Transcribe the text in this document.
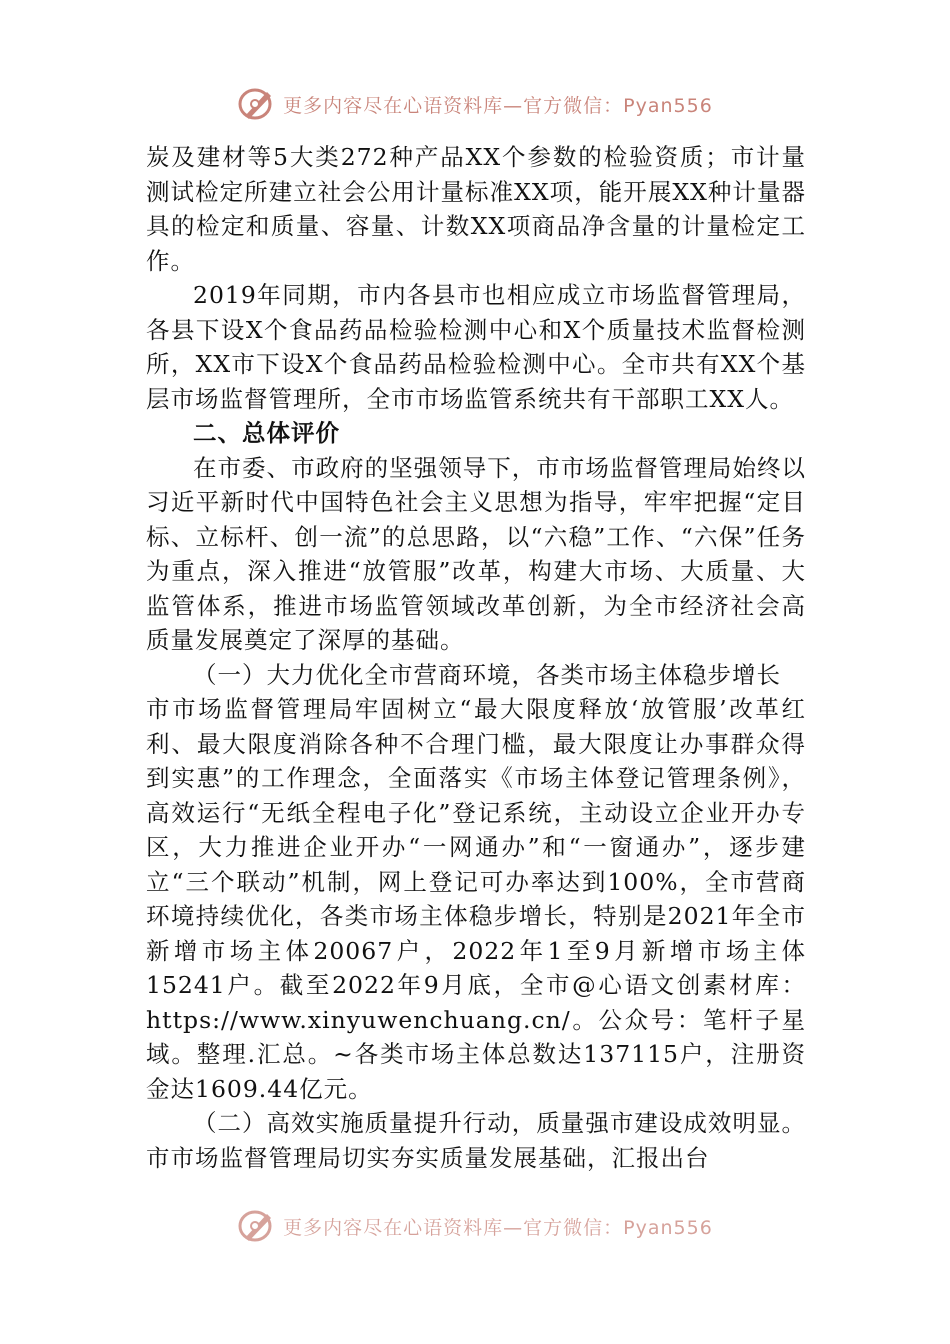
更多内容尽在心语资料库—官方微信：Pyan556

炭及建材等5大类272种产品XX个参数的检验资质；市计量测试检定所建立社会公用计量标准XX项，能开展XX种计量器具的检定和质量、容量、计数XX项商品净含量的计量检定工作。

2019年同期，市内各县市也相应成立市场监督管理局，各县下设X个食品药品检验检测中心和X个质量技术监督检测所，XX市下设X个食品药品检验检测中心。全市共有XX个基层市场监督管理所，全市市场监管系统共有干部职工XX人。

二、总体评价

在市委、市政府的坚强领导下，市市场监督管理局始终以习近平新时代中国特色社会主义思想为指导，牢牢把握“定目标、立标杆、创一流”的总思路，以“六稳”工作、“六保”任务为重点，深入推进“放管服”改革，构建大市场、大质量、大监管体系，推进市场监管领域改革创新，为全市经济社会高质量发展奠定了深厚的基础。

（一）大力优化全市营商环境，各类市场主体稳步增长

市市场监督管理局牢固树立“最大限度释放‘放管服’改革红利、最大限度消除各种不合理门槛，最大限度让办事群众得到实惠”的工作理念，全面落实《市场主体登记管理条例》，高效运行“无纸全程电子化”登记系统，主动设立企业开办专区，大力推进企业开办“一网通办”和“一窗通办”，逐步建立“三个联动”机制，网上登记可办率达到100%，全市营商环境持续优化，各类市场主体稳步增长，特别是2021年全市新增市场主体20067户，2022年1至9月新增市场主体15241户。截至2022年9月底，全市@心语文创素材库：https://www.xinyuwenchuang.cn/。公众号：笔杆子星域。整理.汇总。~各类市场主体总数达137115户，注册资金达1609.44亿元。

（二）高效实施质量提升行动，质量强市建设成效明显。市市场监督管理局切实夯实质量发展基础，汇报出台

更多内容尽在心语资料库—官方微信：Pyan556
